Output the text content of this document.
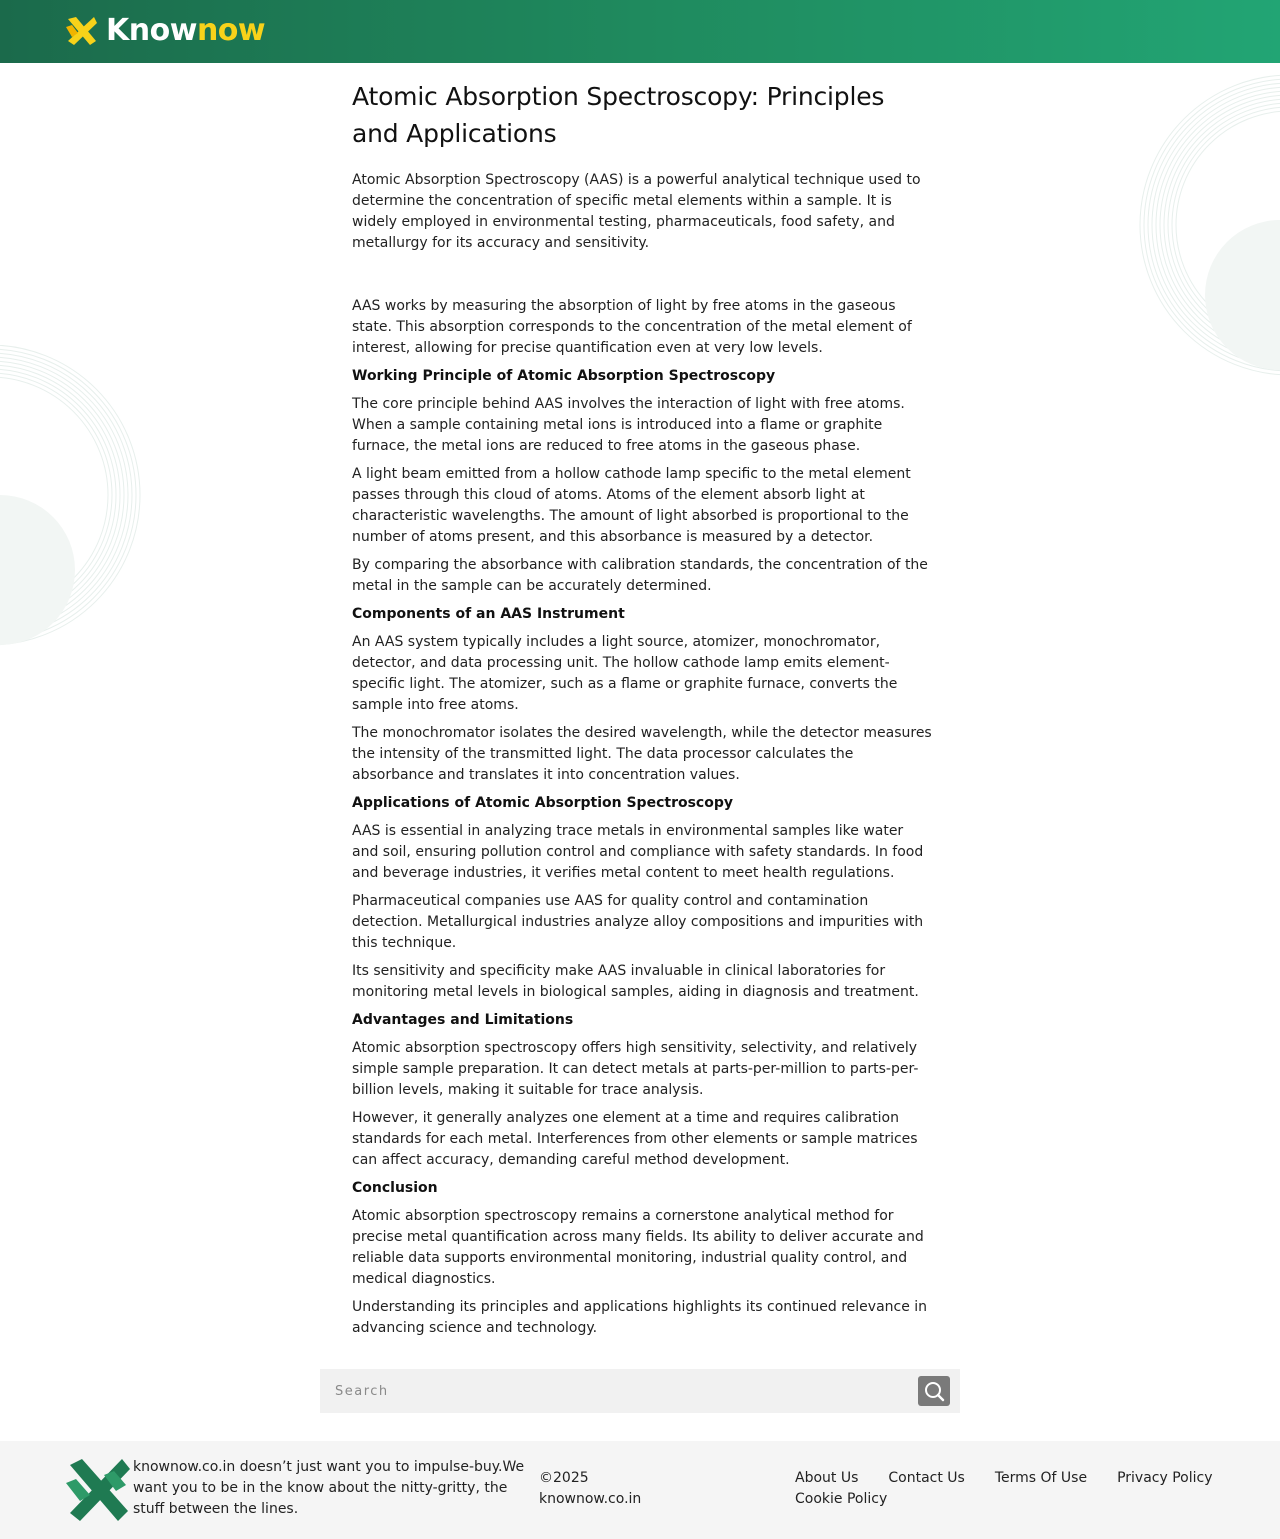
Knownow
Atomic Absorption Spectroscopy: Principles and Applications

Atomic Absorption Spectroscopy (AAS) is a powerful analytical technique used to determine the concentration of specific metal elements within a sample. It is widely employed in environmental testing, pharmaceuticals, food safety, and metallurgy for its accuracy and sensitivity.

AAS works by measuring the absorption of light by free atoms in the gaseous state. This absorption corresponds to the concentration of the metal element of interest, allowing for precise quantification even at very low levels.

Working Principle of Atomic Absorption Spectroscopy

The core principle behind AAS involves the interaction of light with free atoms. When a sample containing metal ions is introduced into a flame or graphite furnace, the metal ions are reduced to free atoms in the gaseous phase.

A light beam emitted from a hollow cathode lamp specific to the metal element passes through this cloud of atoms. Atoms of the element absorb light at characteristic wavelengths. The amount of light absorbed is proportional to the number of atoms present, and this absorbance is measured by a detector.

By comparing the absorbance with calibration standards, the concentration of the metal in the sample can be accurately determined.

Components of an AAS Instrument

An AAS system typically includes a light source, atomizer, monochromator, detector, and data processing unit. The hollow cathode lamp emits element-specific light. The atomizer, such as a flame or graphite furnace, converts the sample into free atoms.

The monochromator isolates the desired wavelength, while the detector measures the intensity of the transmitted light. The data processor calculates the absorbance and translates it into concentration values.

Applications of Atomic Absorption Spectroscopy

AAS is essential in analyzing trace metals in environmental samples like water and soil, ensuring pollution control and compliance with safety standards. In food and beverage industries, it verifies metal content to meet health regulations.

Pharmaceutical companies use AAS for quality control and contamination detection. Metallurgical industries analyze alloy compositions and impurities with this technique.

Its sensitivity and specificity make AAS invaluable in clinical laboratories for monitoring metal levels in biological samples, aiding in diagnosis and treatment.

Advantages and Limitations

Atomic absorption spectroscopy offers high sensitivity, selectivity, and relatively simple sample preparation. It can detect metals at parts-per-million to parts-per-billion levels, making it suitable for trace analysis.

However, it generally analyzes one element at a time and requires calibration standards for each metal. Interferences from other elements or sample matrices can affect accuracy, demanding careful method development.

Conclusion

Atomic absorption spectroscopy remains a cornerstone analytical method for precise metal quantification across many fields. Its ability to deliver accurate and reliable data supports environmental monitoring, industrial quality control, and medical diagnostics.

Understanding its principles and applications highlights its continued relevance in advancing science and technology.

Search
knownow.co.in doesn’t just want you to impulse-buy.We want you to be in the know about the nitty-gritty, the stuff between the lines.
©2025 knownow.co.in
About Us Contact Us Terms Of Use Privacy Policy
Cookie Policy
